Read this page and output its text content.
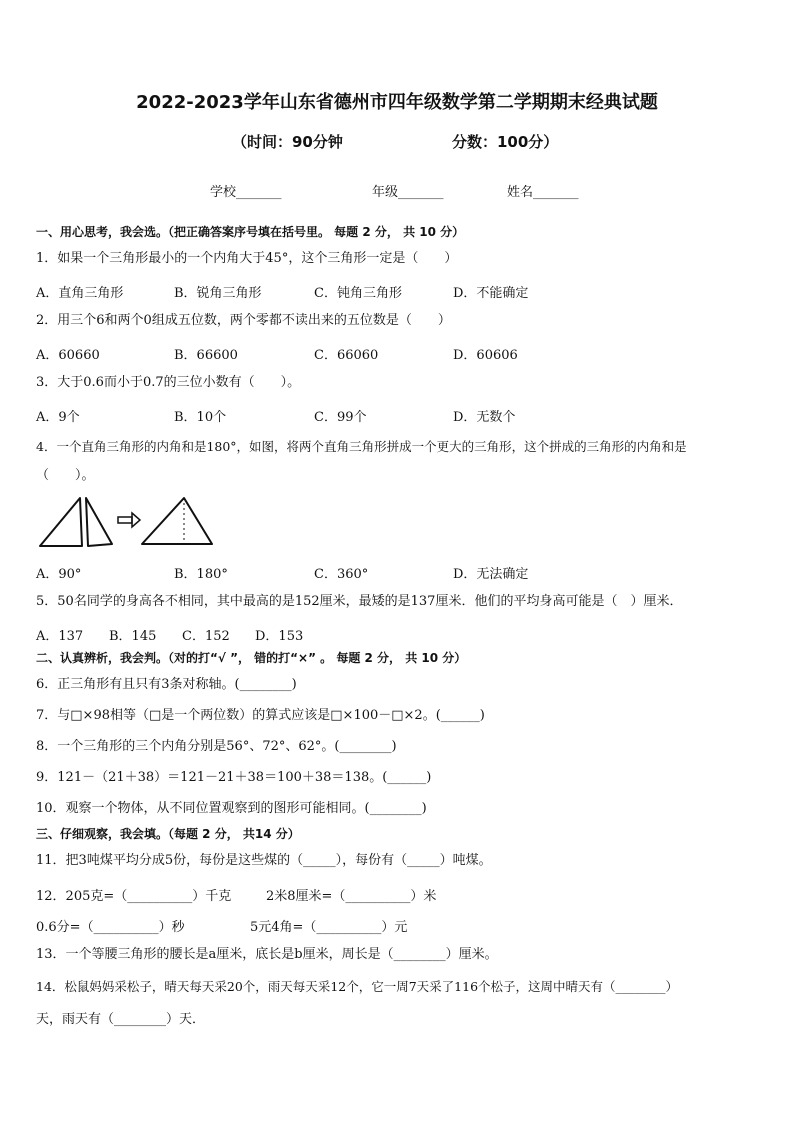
2022-2023学年山东省德州市四年级数学第二学期期末经典试题
（时间：90分钟	分数：100分）
学校_______	年级_______	姓名_______
一、用心思考，我会选。（把正确答案序号填在括号里。 每题 2 分， 共 10 分）
1．如果一个三角形最小的一个内角大于45°，这个三角形一定是（　　）
A．直角三角形	B．锐角三角形	C．钝角三角形	D．不能确定
2．用三个6和两个0组成五位数，两个零都不读出来的五位数是（　　）
A．60660	B．66600	C．66060	D．60606
3．大于0.6而小于0.7的三位小数有（　　）。
A．9个	B．10个	C．99个	D．无数个
4．一个直角三角形的内角和是180°，如图，将两个直角三角形拼成一个更大的三角形，这个拼成的三角形的内角和是
（　　）。
A．90°	B．180°	C．360°	D．无法确定
5．50名同学的身高各不相同，其中最高的是152厘米，最矮的是137厘米．他们的平均身高可能是（　）厘米．
A．137 B．145 C．152 D．153
二、认真辨析，我会判。（对的打“√ ”， 错的打“×” 。 每题 2 分， 共 10 分）
6．正三角形有且只有3条对称轴。(________)
7．与□×98相等（□是一个两位数）的算式应该是□×100－□×2。(______)
8．一个三角形的三个内角分别是56°、72°、62°。(________)
9．121－（21＋38）＝121－21＋38＝100＋38＝138。(______)
10．观察一个物体，从不同位置观察到的图形可能相同。(________)
三、仔细观察，我会填。（每题 2 分， 共14 分）
11．把3吨煤平均分成5份，每份是这些煤的（_____），每份有（_____）吨煤。
12．205克=（__________）千克	2米8厘米=（__________）米
0.6分=（__________）秒	5元4角=（__________）元
13．一个等腰三角形的腰长是a厘米，底长是b厘米，周长是（________）厘米。
14．松鼠妈妈采松子，晴天每天采20个，雨天每天采12个，它一周7天采了116个松子，这周中晴天有（________）
天，雨天有（________）天．
